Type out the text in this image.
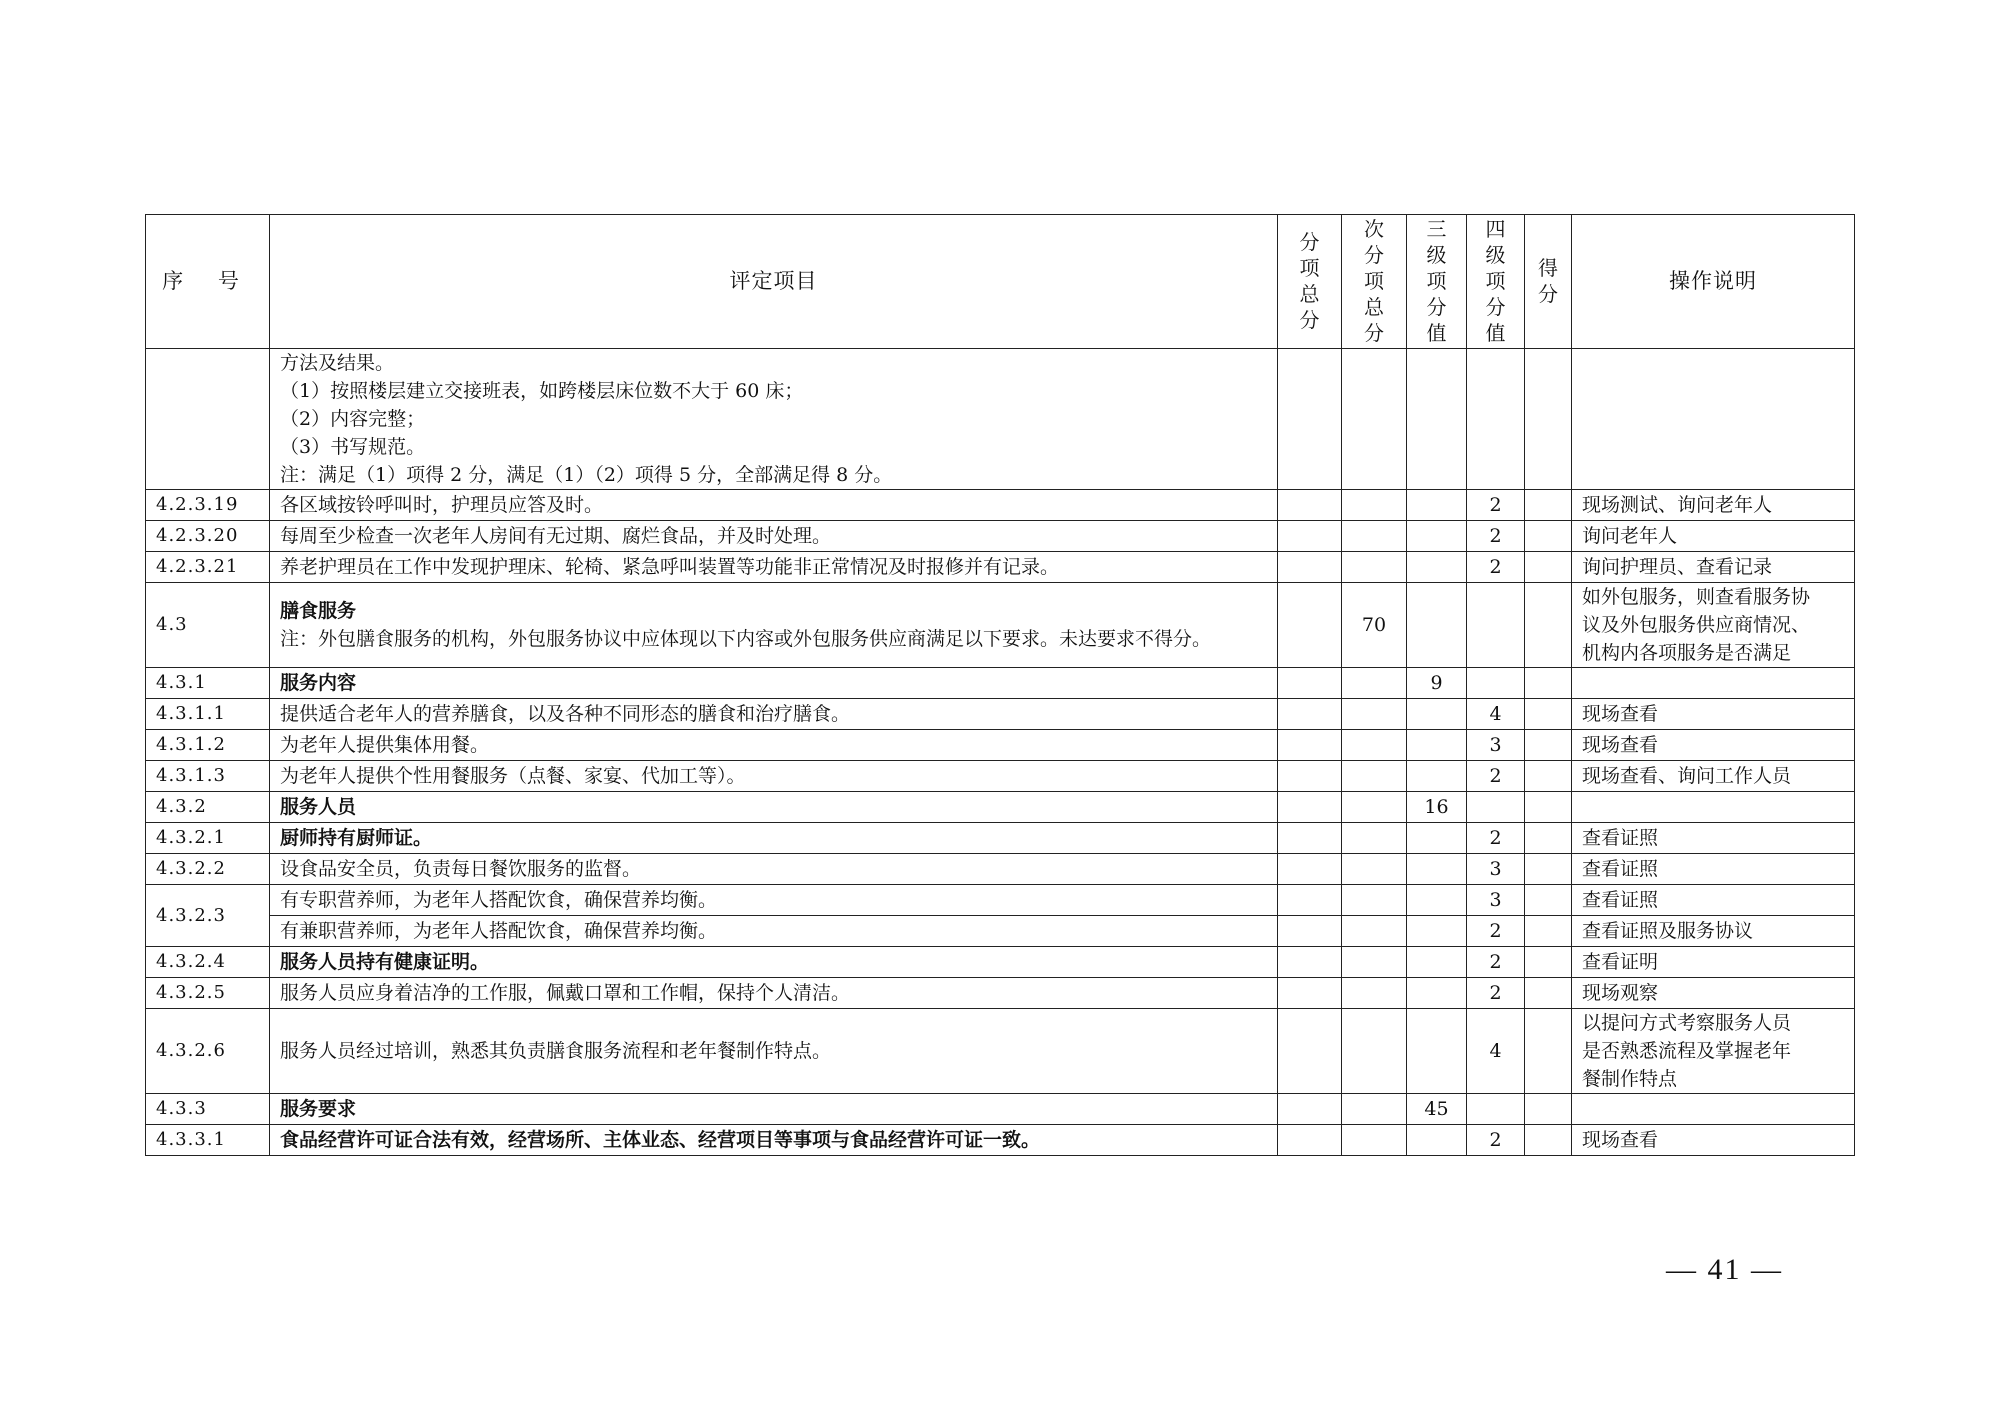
序 号	评定项目	分项总分	次分项总分	三级项分值	四级项分值	得分	操作说明

	方法及结果。
（1）按照楼层建立交接班表，如跨楼层床位数不大于 60 床；
（2）内容完整；
（3）书写规范。
注：满足（1）项得 2 分，满足（1）（2）项得 5 分，全部满足得 8 分。						

4.2.3.19	各区域按铃呼叫时，护理员应答及时。				2		现场测试、询问老年人

4.2.3.20	每周至少检查一次老年人房间有无过期、腐烂食品，并及时处理。				2		询问老年人

4.2.3.21	养老护理员在工作中发现护理床、轮椅、紧急呼叫装置等功能非正常情况及时报修并有记录。				2		询问护理员、查看记录

4.3	膳食服务
注：外包膳食服务的机构，外包服务协议中应体现以下内容或外包服务供应商满足以下要求。未达要求不得分。		70				如外包服务，则查看服务协
议及外包服务供应商情况、
机构内各项服务是否满足

4.3.1	服务内容			9			
4.3.1.1	提供适合老年人的营养膳食，以及各种不同形态的膳食和治疗膳食。				4		现场查看

4.3.1.2	为老年人提供集体用餐。				3		现场查看

4.3.1.3	为老年人提供个性用餐服务（点餐、家宴、代加工等）。				2		现场查看、询问工作人员

4.3.2	服务人员			16			
4.3.2.1	厨师持有厨师证。				2		查看证照

4.3.2.2	设食品安全员，负责每日餐饮服务的监督。				3		查看证照

4.3.2.3	有专职营养师，为老年人搭配饮食，确保营养均衡。				3		查看证照

	有兼职营养师，为老年人搭配饮食，确保营养均衡。				2		查看证照及服务协议

4.3.2.4	服务人员持有健康证明。				2		查看证明

4.3.2.5	服务人员应身着洁净的工作服，佩戴口罩和工作帽，保持个人清洁。				2		现场观察

4.3.2.6	服务人员经过培训，熟悉其负责膳食服务流程和老年餐制作特点。				4		以提问方式考察服务人员
是否熟悉流程及掌握老年
餐制作特点

4.3.3	服务要求			45			
4.3.3.1	食品经营许可证合法有效，经营场所、主体业态、经营项目等事项与食品经营许可证一致。				2		现场查看
— 41 —
